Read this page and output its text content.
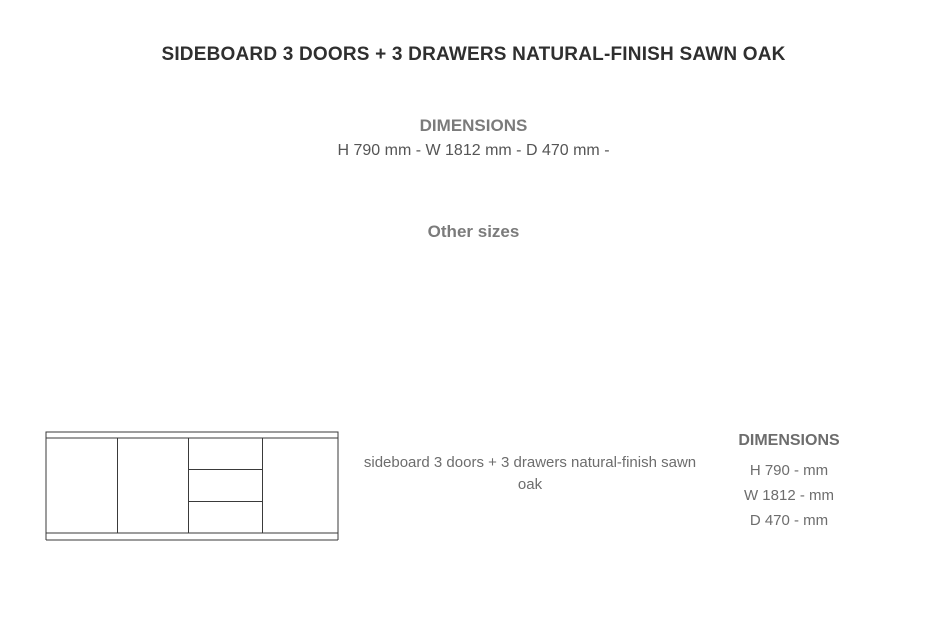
SIDEBOARD 3 DOORS + 3 DRAWERS NATURAL-FINISH SAWN OAK
DIMENSIONS
H 790 mm - W 1812 mm - D 470 mm -
Other sizes
sideboard 3 doors + 3 drawers natural-finish sawn oak
DIMENSIONS
H 790 - mm
W 1812 - mm
D 470 - mm
